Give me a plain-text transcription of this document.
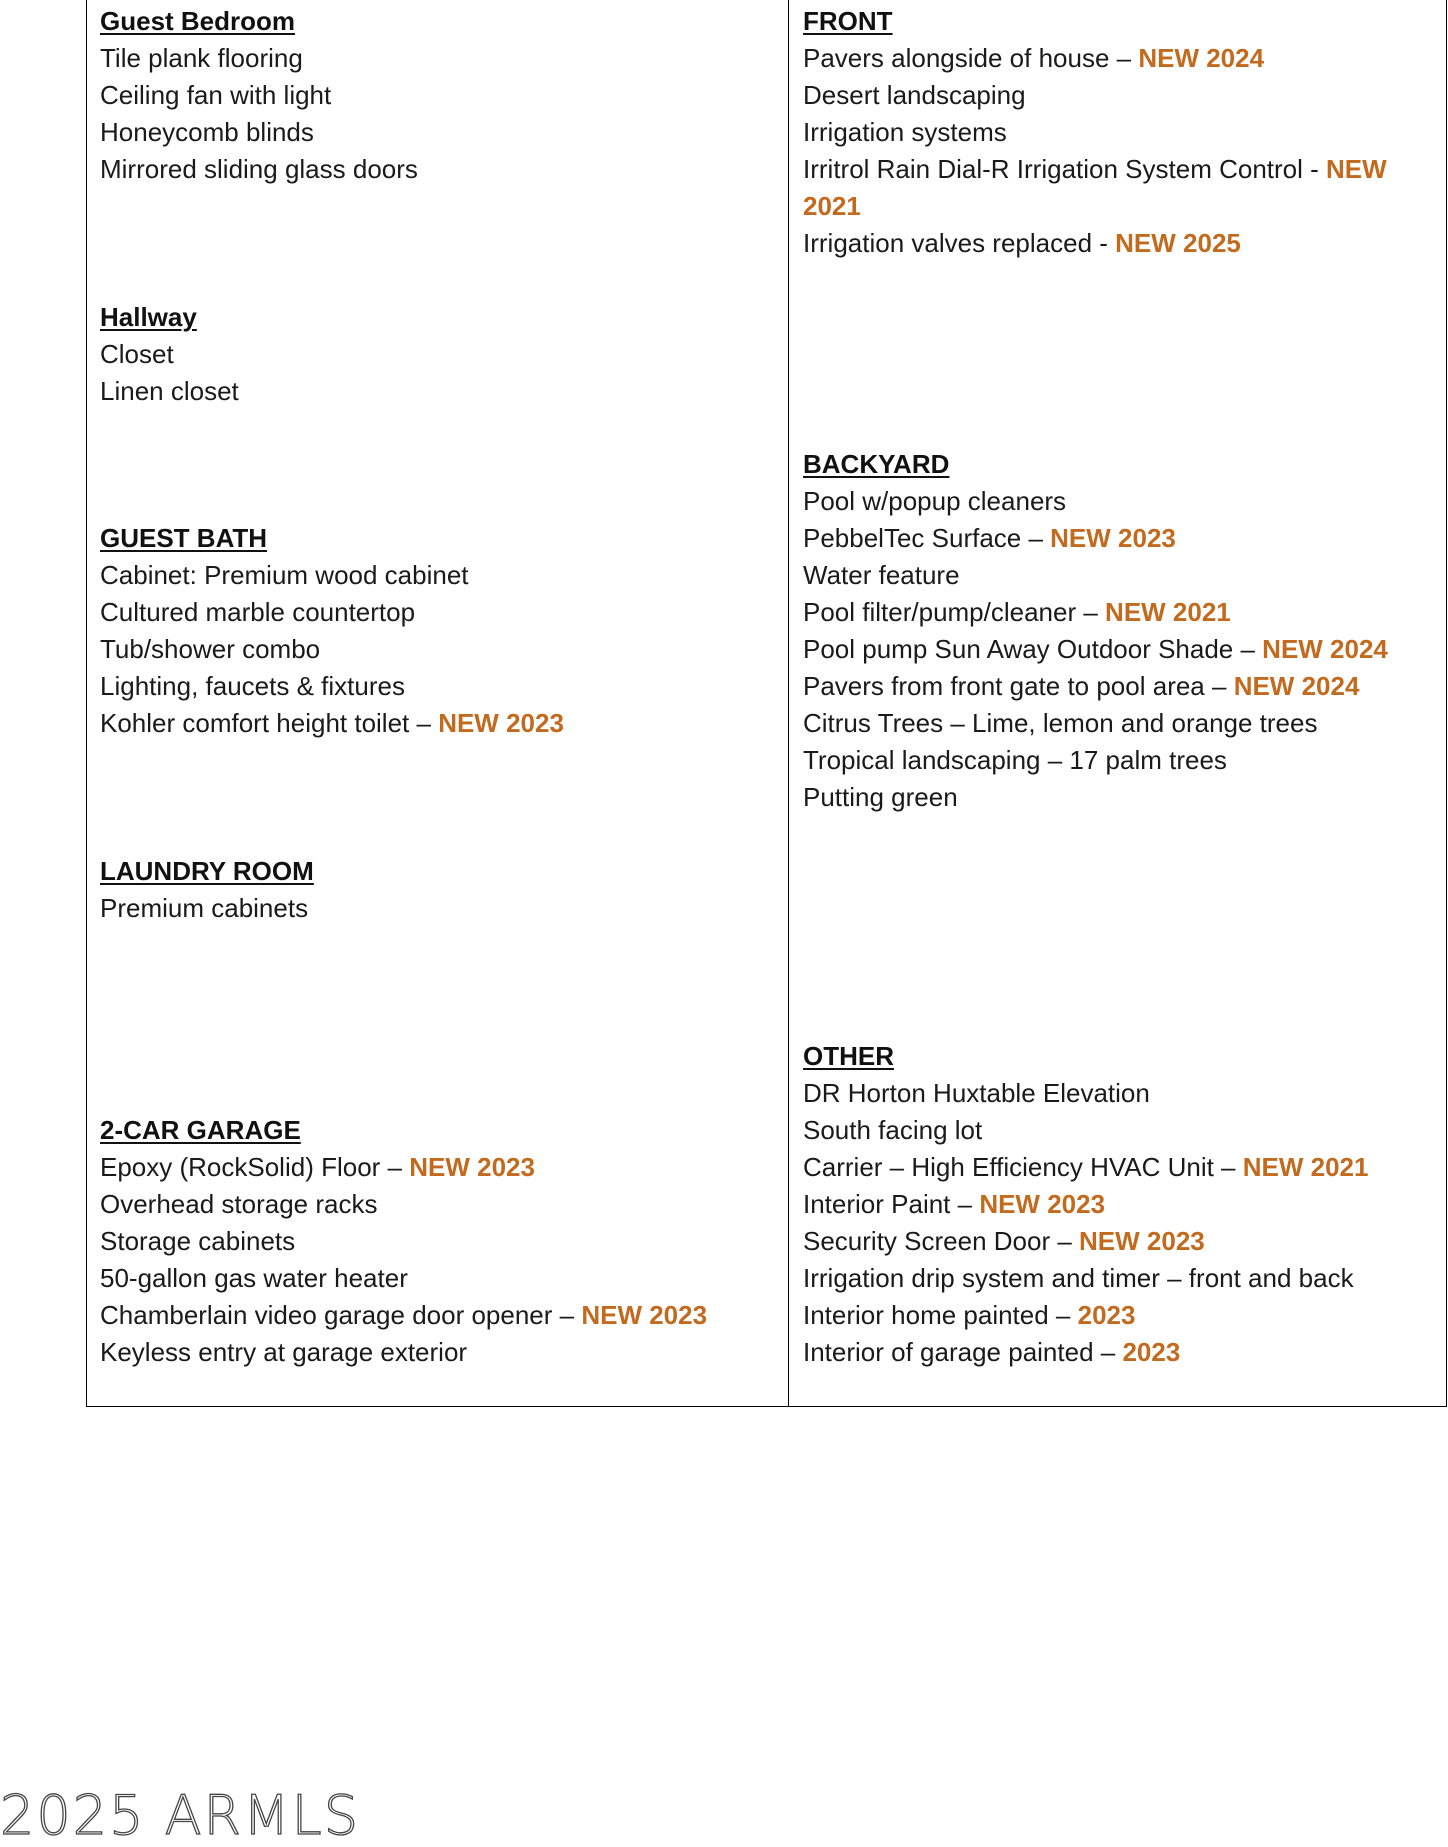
Guest Bedroom
Tile plank flooring
Ceiling fan with light
Honeycomb blinds
Mirrored sliding glass doors
Hallway
Closet
Linen closet
GUEST BATH
Cabinet: Premium wood cabinet
Cultured marble countertop
Tub/shower combo
Lighting, faucets & fixtures
Kohler comfort height toilet – NEW 2023
LAUNDRY ROOM
Premium cabinets
2-CAR GARAGE
Epoxy (RockSolid) Floor – NEW 2023
Overhead storage racks
Storage cabinets
50-gallon gas water heater
Chamberlain video garage door opener – NEW 2023
Keyless entry at garage exterior
FRONT
Pavers alongside of house – NEW 2024
Desert landscaping
Irrigation systems
Irritrol Rain Dial-R Irrigation System Control - NEW 2021
Irrigation valves replaced - NEW 2025
BACKYARD
Pool w/popup cleaners
PebbelTec Surface – NEW 2023
Water feature
Pool filter/pump/cleaner – NEW 2021
Pool pump Sun Away Outdoor Shade – NEW 2024
Pavers from front gate to pool area – NEW 2024
Citrus Trees – Lime, lemon and orange trees
Tropical landscaping – 17 palm trees
Putting green
OTHER
DR Horton Huxtable Elevation
South facing lot
Carrier – High Efficiency HVAC Unit – NEW 2021
Interior Paint – NEW 2023
Security Screen Door – NEW 2023
Irrigation drip system and timer – front and back
Interior home painted – 2023
Interior of garage painted – 2023
2025 ARMLS
